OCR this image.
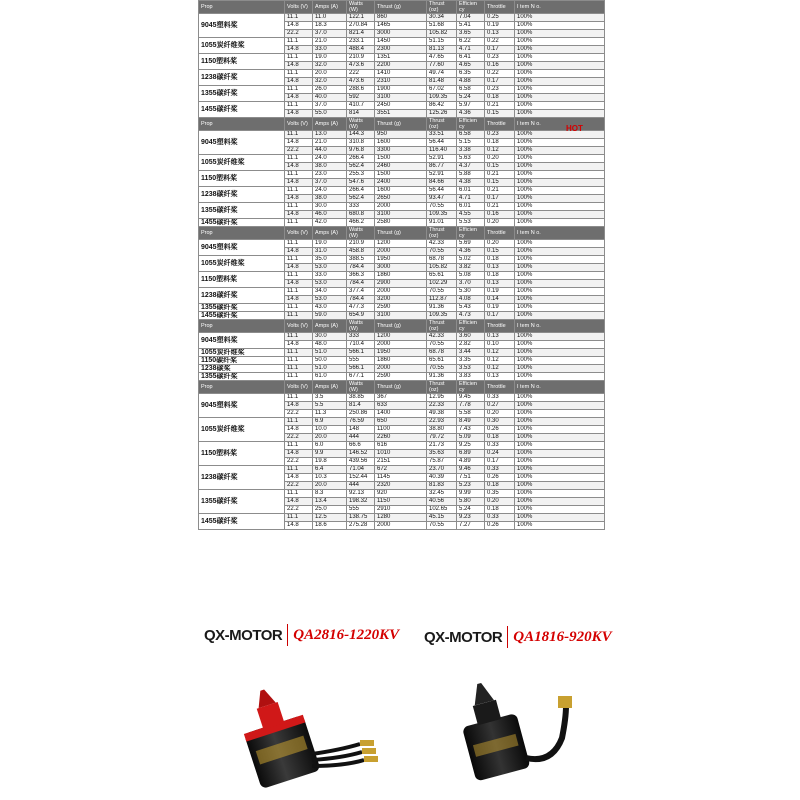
Prop	Volts (V)	Amps (A)	Watts (W)	Thrust (g)	Thrust (oz)	Efficien cy	Throttle	I tem N o.	
9045塑料桨	11.1	11.0	122.1	860	30.34	7.04	0.25	100%	
	14.8	18.3	270.84	1465	51.68	5.41	0.19	100%	
	22.2	37.0	821.4	3000	105.82	3.65	0.13	100%	
1055炭纤维桨	11.1	21.0	233.1	1450	51.15	6.22	0.22	100%	
	14.8	33.0	488.4	2300	81.13	4.71	0.17	100%	
1150塑料桨	11.1	19.0	210.9	1351	47.65	6.41	0.23	100%	
	14.8	32.0	473.6	2200	77.60	4.65	0.16	100%	
1238碳纤桨	11.1	20.0	222	1410	49.74	6.35	0.22	100%	
	14.8	32.0	473.6	2310	81.48	4.88	0.17	100%	
1355碳纤桨	11.1	26.0	288.6	1900	67.02	6.58	0.23	100%	
	14.8	40.0	592	3100	109.35	5.24	0.18	100%	
1455碳纤桨	11.1	37.0	410.7	2450	86.42	5.97	0.21	100%	
	14.8	55.0	814	3551	125.26	4.36	0.15	100%	
Prop	Volts (V)	Amps (A)	Watts (W)	Thrust (g)	Thrust (oz)	Efficien cy	Throttle	I tem N o.	
9045塑料桨	11.1	13.0	144.3	950	33.51	6.58	0.23	100%	
	14.8	21.0	310.8	1600	56.44	5.15	0.18	100%	
	22.2	44.0	976.8	3300	116.40	3.38	0.12	100%	
1055炭纤维桨	11.1	24.0	266.4	1500	52.91	5.63	0.20	100%	
	14.8	38.0	562.4	2460	86.77	4.37	0.15	100%	
1150塑料桨	11.1	23.0	255.3	1500	52.91	5.88	0.21	100%	
	14.8	37.0	547.6	2400	84.66	4.38	0.15	100%	
1238碳纤桨	11.1	24.0	266.4	1600	56.44	6.01	0.21	100%	
	14.8	38.0	562.4	2650	93.47	4.71	0.17	100%	
1355碳纤桨	11.1	30.0	333	2000	70.55	6.01	0.21	100%	
	14.8	46.0	680.8	3100	109.35	4.55	0.16	100%	
1455碳纤桨	11.1	42.0	466.2	2580	91.01	5.53	0.20	100%	
Prop	Volts (V)	Amps (A)	Watts (W)	Thrust (g)	Thrust (oz)	Efficien cy	Throttle	I tem N o.	
9045塑料桨	11.1	19.0	210.9	1200	42.33	5.69	0.20	100%	
	14.8	31.0	458.8	2000	70.55	4.36	0.15	100%	
1055炭纤维桨	11.1	35.0	388.5	1950	68.78	5.02	0.18	100%	
	14.8	53.0	784.4	3000	105.82	3.82	0.13	100%	
1150塑料桨	11.1	33.0	366.3	1860	65.61	5.08	0.18	100%	
	14.8	53.0	784.4	2900	102.29	3.70	0.13	100%	
1238碳纤桨	11.1	34.0	377.4	2000	70.55	5.30	0.19	100%	
	14.8	53.0	784.4	3200	112.87	4.08	0.14	100%	
1355碳纤桨	11.1	43.0	477.3	2590	91.36	5.43	0.19	100%	
1455碳纤桨	11.1	59.0	654.9	3100	109.35	4.73	0.17	100%	
Prop	Volts (V)	Amps (A)	Watts (W)	Thrust (g)	Thrust (oz)	Efficien cy	Throttle	I tem N o.	
9045塑料桨	11.1	30.0	333	1200	42.33	3.60	0.13	100%	
	14.8	48.0	710.4	2000	70.55	2.82	0.10	100%	
1055炭纤维桨	11.1	51.0	566.1	1950	68.78	3.44	0.12	100%	
1150碳纤桨	11.1	50.0	555	1860	65.61	3.35	0.12	100%	
1238碳桨	11.1	51.0	566.1	2000	70.55	3.53	0.12	100%	
1355碳纤桨	11.1	61.0	677.1	2590	91.36	3.83	0.13	100%	
Prop	Volts (V)	Amps (A)	Watts (W)	Thrust (g)	Thrust (oz)	Efficien cy	Throttle	I tem N o.	
9045塑料桨	11.1	3.5	38.85	367	12.95	9.45	0.33	100%	
	14.8	5.5	81.4	633	22.33	7.78	0.27	100%	
	22.2	11.3	250.86	1400	49.38	5.58	0.20	100%	
1055炭纤维桨	11.1	6.9	76.59	650	22.93	8.49	0.30	100%	
	14.8	10.0	148	1100	38.80	7.43	0.26	100%	
	22.2	20.0	444	2260	79.72	5.09	0.18	100%	
1150塑料桨	11.1	6.0	66.6	616	21.73	9.25	0.33	100%	
	14.8	9.9	146.52	1010	35.63	6.89	0.24	100%	
	22.2	19.8	439.56	2151	75.87	4.89	0.17	100%	
1238碳纤桨	11.1	6.4	71.04	672	23.70	9.46	0.33	100%	
	14.8	10.3	152.44	1145	40.39	7.51	0.26	100%	
	22.2	20.0	444	2320	81.83	5.23	0.18	100%	
1355碳纤桨	11.1	8.3	92.13	920	32.45	9.99	0.35	100%	
	14.8	13.4	198.32	1150	40.56	5.80	0.20	100%	
	22.2	25.0	555	2910	102.65	5.24	0.18	100%	
1455碳纤桨	11.1	12.5	138.75	1280	45.15	9.23	0.33	100%	
	14.8	18.6	275.28	2000	70.55	7.27	0.26	100%	
HOT
QX-MOTOR QA2816-1220KV QX-MOTOR QA1816-920KV
